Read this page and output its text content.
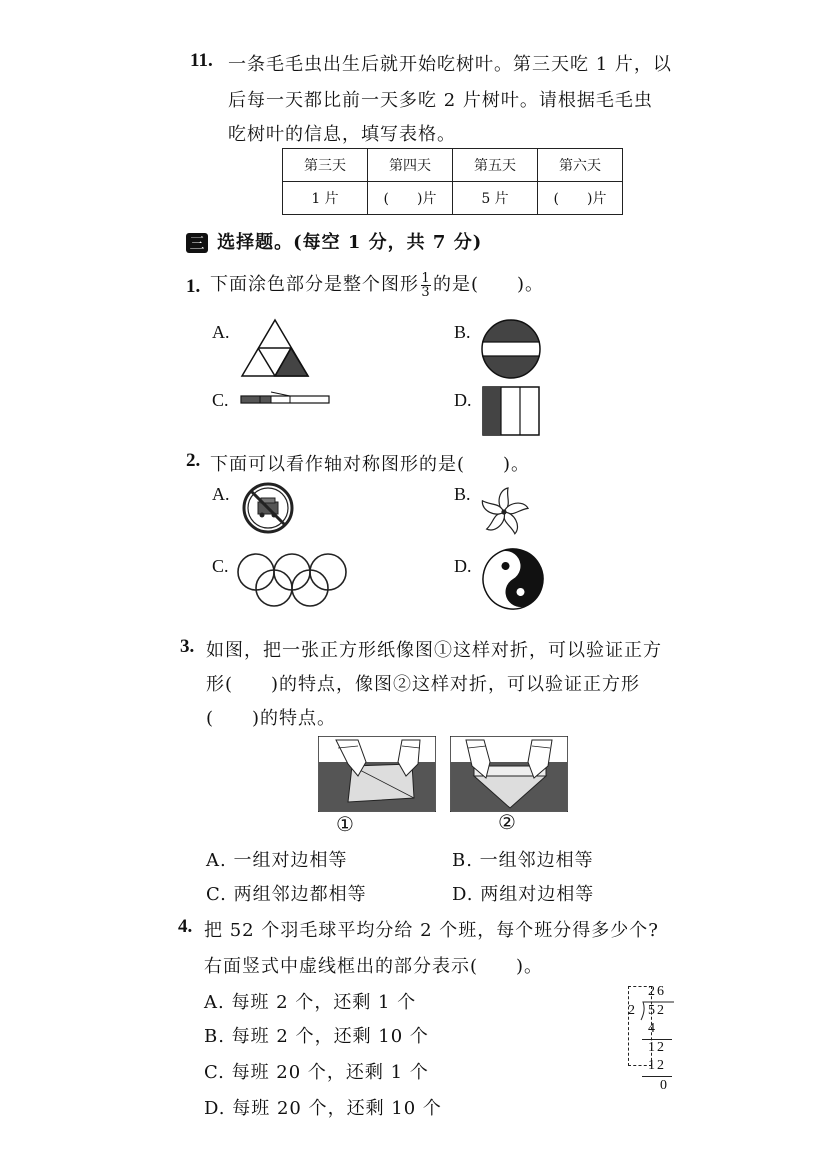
11. 一条毛毛虫出生后就开始吃树叶。第三天吃 1 片，以
后每一天都比前一天多吃 2 片树叶。请根据毛毛虫
吃树叶的信息，填写表格。
第三天	第四天	第五天	第六天
1 片	(　　)片	5 片	(　　)片
三 选择题。(每空 1 分，共 7 分)
1. 下面涂色部分是整个图形 $\frac{1}{3}$ 的是(　　)。
A.	B.
C.	D.
2. 下面可以看作轴对称图形的是(　　)。
A.	B.
C.	D.
3. 如图，把一张正方形纸像图①这样对折，可以验证正方
形(　　)的特点，像图②这样对折，可以验证正方形
(　　)的特点。
①	②
A. 一组对边相等	B. 一组邻边相等
C. 两组邻边都相等	D. 两组对边相等
4. 把 52 个羽毛球平均分给 2 个班，每个班分得多少个?
右面竖式中虚线框出的部分表示(　　)。
A. 每班 2 个，还剩 1 个
B. 每班 2 个，还剩 10 个
C. 每班 20 个，还剩 1 个
D. 每班 20 个，还剩 10 个
26
2 52
4
12
12
0
